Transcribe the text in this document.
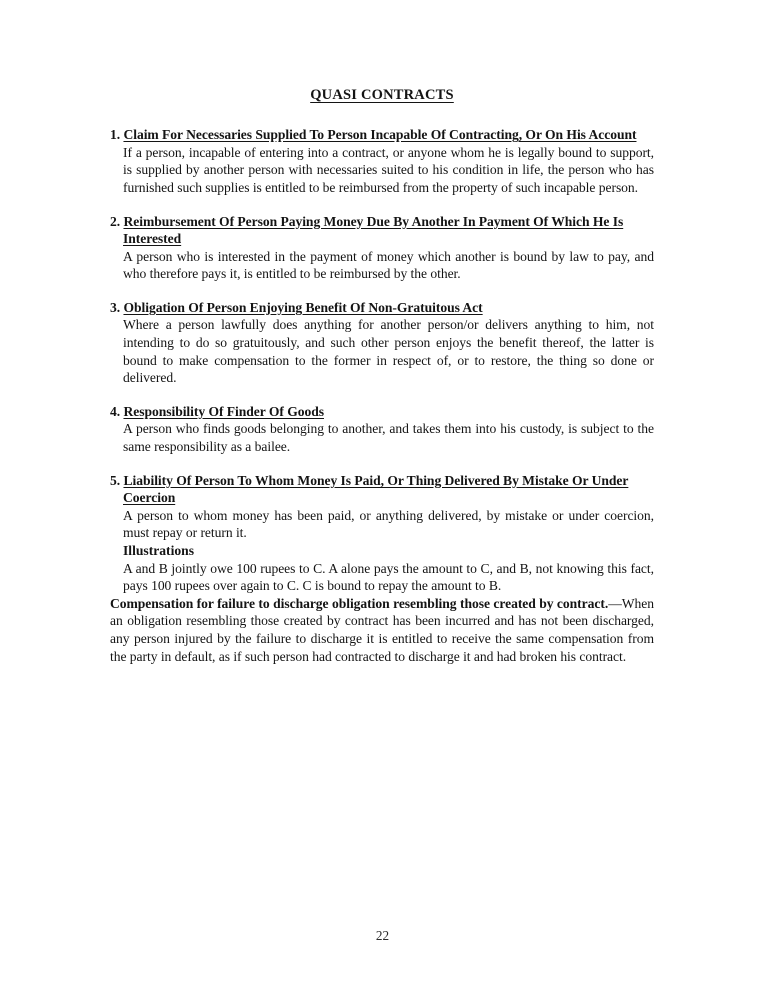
QUASI CONTRACTS

1. Claim For Necessaries Supplied To Person Incapable Of Contracting, Or On His Account

If a person, incapable of entering into a contract, or anyone whom he is legally bound to support, is supplied by another person with necessaries suited to his condition in life, the person who has furnished such supplies is entitled to be reimbursed from the property of such incapable person.

2. Reimbursement Of Person Paying Money Due By Another In Payment Of Which He Is Interested

A person who is interested in the payment of money which another is bound by law to pay, and who therefore pays it, is entitled to be reimbursed by the other.

3. Obligation Of Person Enjoying Benefit Of Non-Gratuitous Act

Where a person lawfully does anything for another person/or delivers anything to him, not intending to do so gratuitously, and such other person enjoys the benefit thereof, the latter is bound to make compensation to the former in respect of, or to restore, the thing so done or delivered.

4. Responsibility Of Finder Of Goods

A person who finds goods belonging to another, and takes them into his custody, is subject to the same responsibility as a bailee.

5. Liability Of Person To Whom Money Is Paid, Or Thing Delivered By Mistake Or Under Coercion

A person to whom money has been paid, or anything delivered, by mistake or under coercion, must repay or return it.

Illustrations

A and B jointly owe 100 rupees to C. A alone pays the amount to C, and B, not knowing this fact, pays 100 rupees over again to C. C is bound to repay the amount to B.

Compensation for failure to discharge obligation resembling those created by contract.—When an obligation resembling those created by contract has been incurred and has not been discharged, any person injured by the failure to discharge it is entitled to receive the same compensation from the party in default, as if such person had contracted to discharge it and had broken his contract.

22
